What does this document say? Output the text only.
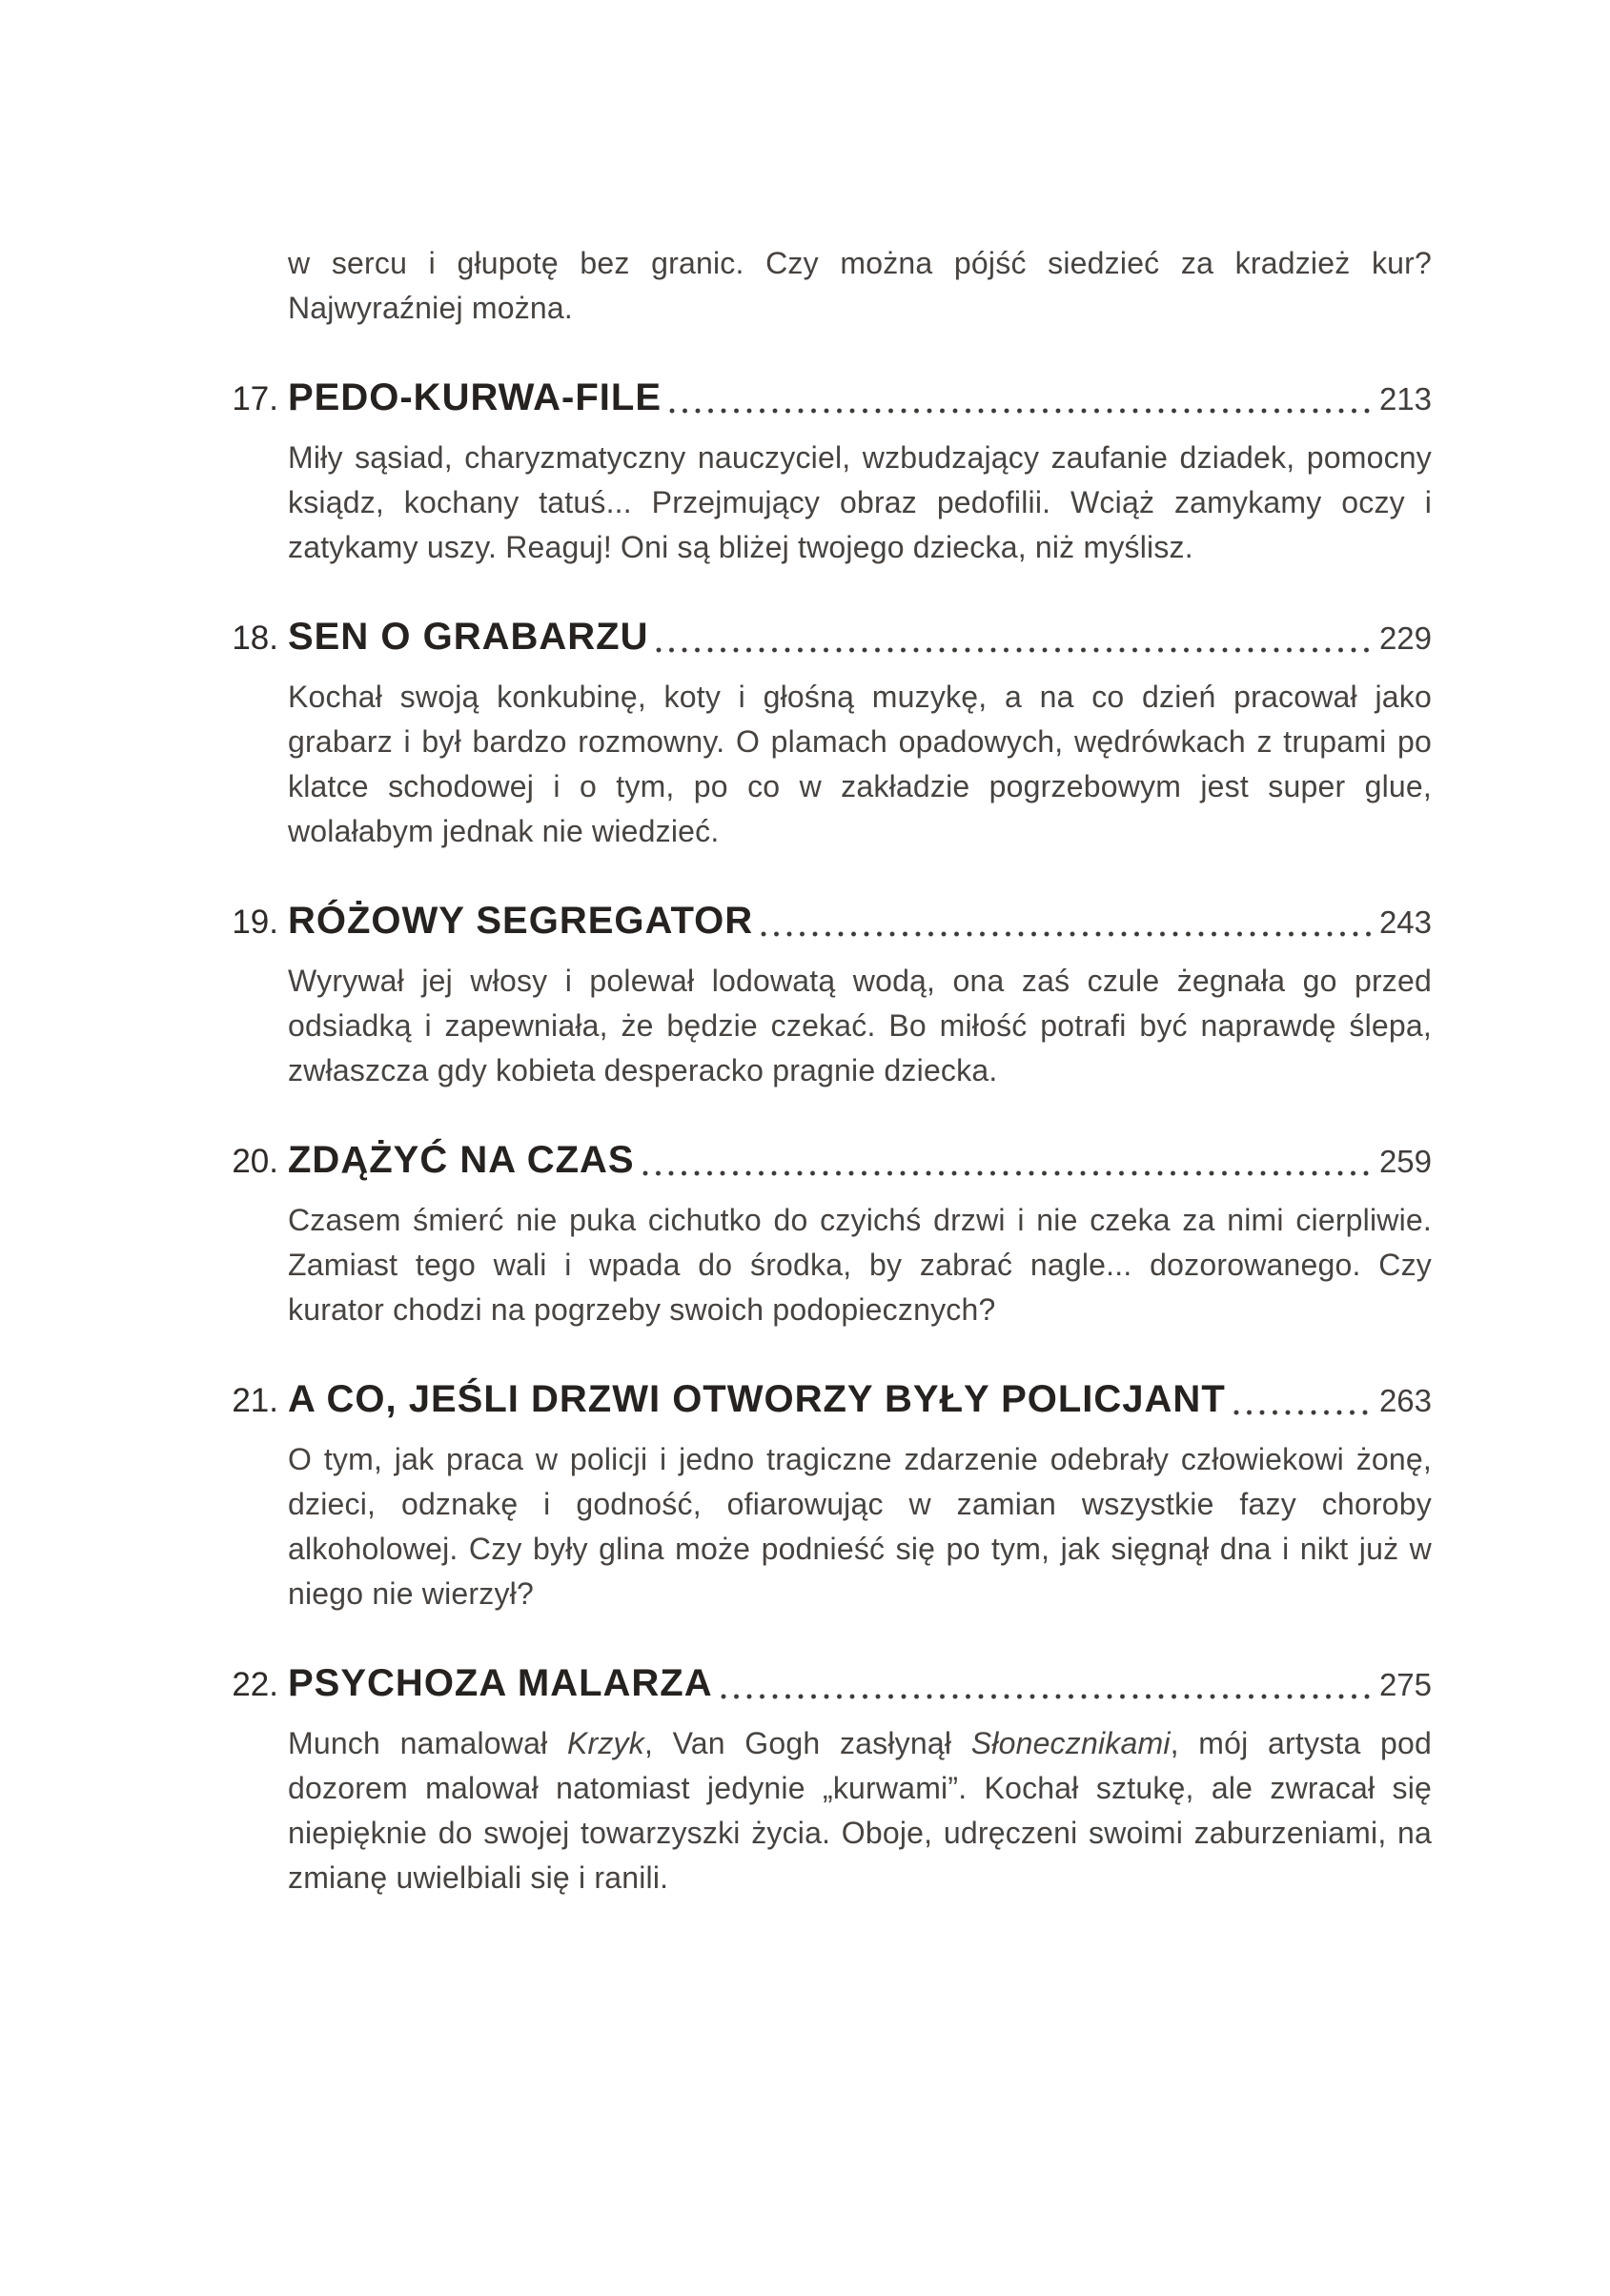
w sercu i głupotę bez granic. Czy można pójść siedzieć za kradzież kur? Najwyraźniej można.

17. PEDO-KURWA-FILE	213

Miły sąsiad, charyzmatyczny nauczyciel, wzbudzający zaufanie dziadek, pomocny ksiądz, kochany tatuś... Przejmujący obraz pedofilii. Wciąż zamykamy oczy i zatykamy uszy. Reaguj! Oni są bliżej twojego dziecka, niż myślisz.

18. SEN O GRABARZU	229

Kochał swoją konkubinę, koty i głośną muzykę, a na co dzień pracował jako grabarz i był bardzo rozmowny. O plamach opadowych, wędrówkach z trupami po klatce schodowej i o tym, po co w zakładzie pogrzebowym jest super glue, wolałabym jednak nie wiedzieć.

19. RÓŻOWY SEGREGATOR	243

Wyrywał jej włosy i polewał lodowatą wodą, ona zaś czule żegnała go przed odsiadką i zapewniała, że będzie czekać. Bo miłość potrafi być naprawdę ślepa, zwłaszcza gdy kobieta desperacko pragnie dziecka.

20. ZDĄŻYĆ NA CZAS	259

Czasem śmierć nie puka cichutko do czyichś drzwi i nie czeka za nimi cierpliwie. Zamiast tego wali i wpada do środka, by zabrać nagle... dozorowanego. Czy kurator chodzi na pogrzeby swoich podopiecznych?

21. A CO, JEŚLI DRZWI OTWORZY BYŁY POLICJANT	263

O tym, jak praca w policji i jedno tragiczne zdarzenie odebrały człowiekowi żonę, dzieci, odznakę i godność, ofiarowując w zamian wszystkie fazy choroby alkoholowej. Czy były glina może podnieść się po tym, jak sięgnął dna i nikt już w niego nie wierzył?

22. PSYCHOZA MALARZA	275

Munch namalował Krzyk, Van Gogh zasłynął Słonecznikami, mój artysta pod dozorem malował natomiast jedynie „kurwami”. Kochał sztukę, ale zwracał się niepięknie do swojej towarzyszki życia. Oboje, udręczeni swoimi zaburzeniami, na zmianę uwielbiali się i ranili.
